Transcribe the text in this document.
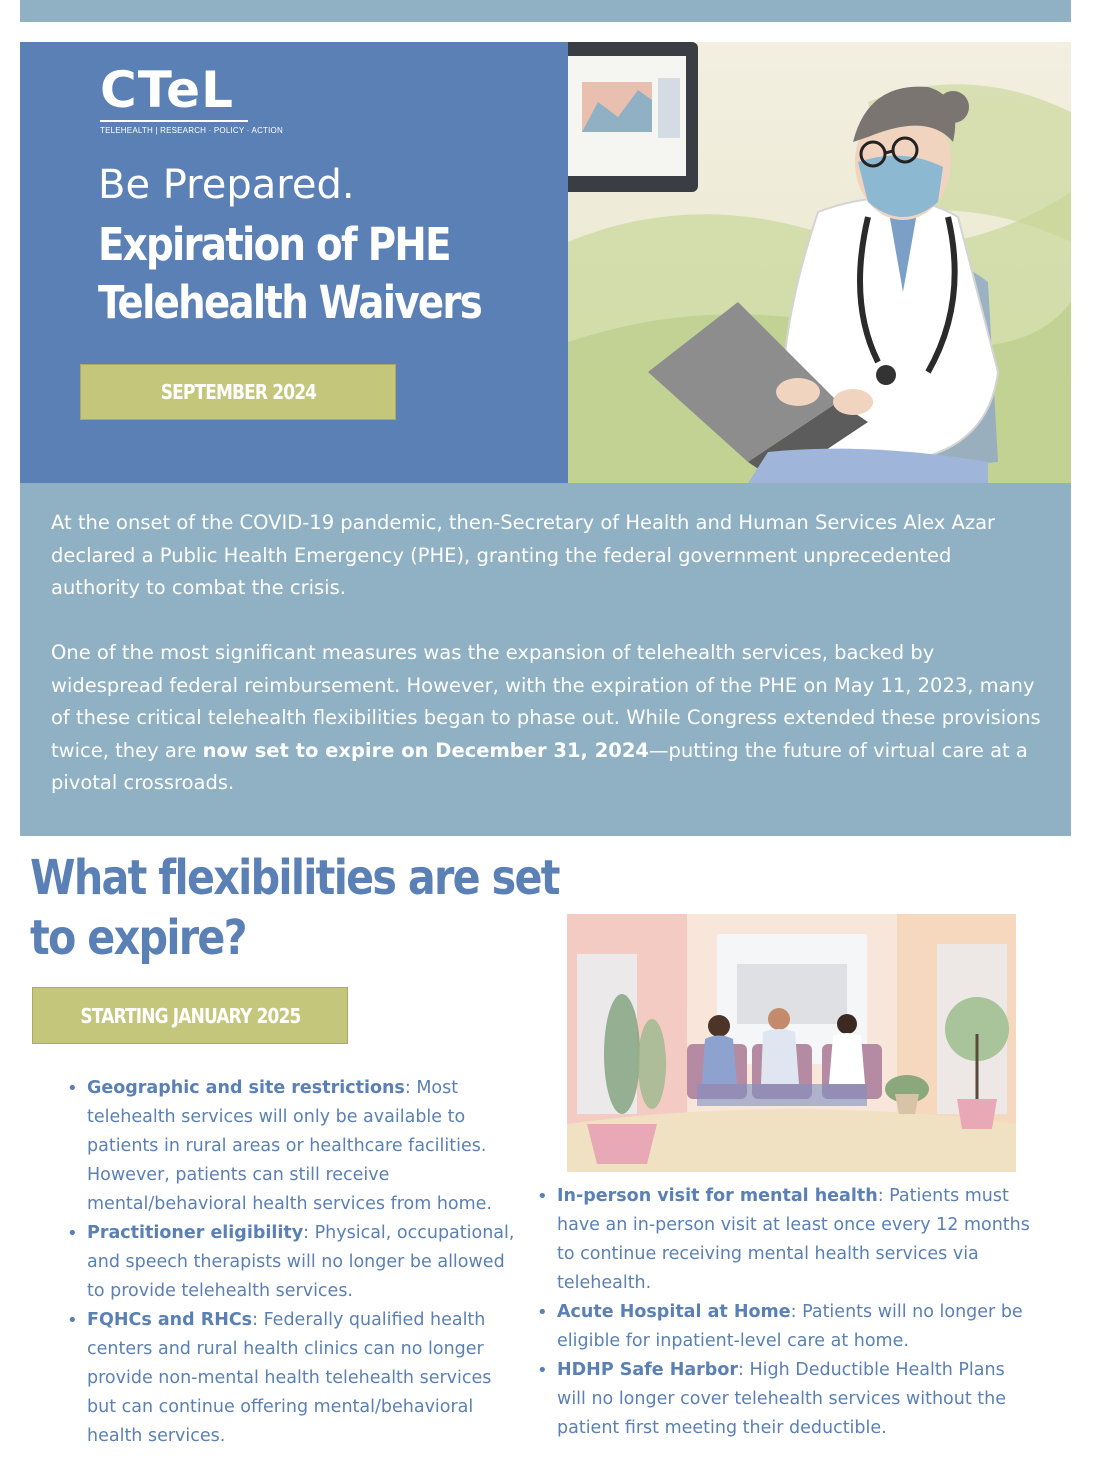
CTeL
TELEHEALTH | RESEARCH · POLICY · ACTION
Be Prepared.
Expiration of PHE Telehealth Waivers
SEPTEMBER 2024

At the onset of the COVID-19 pandemic, then-Secretary of Health and Human Services Alex Azar declared a Public Health Emergency (PHE), granting the federal government unprecedented authority to combat the crisis.

One of the most significant measures was the expansion of telehealth services, backed by widespread federal reimbursement. However, with the expiration of the PHE on May 11, 2023, many of these critical telehealth flexibilities began to phase out. While Congress extended these provisions twice, they are now set to expire on December 31, 2024—putting the future of virtual care at a pivotal crossroads.

What flexibilities are set to expire?
STARTING JANUARY 2025
• Geographic and site restrictions: Most telehealth services will only be available to patients in rural areas or healthcare facilities. However, patients can still receive mental/behavioral health services from home.
• Practitioner eligibility: Physical, occupational, and speech therapists will no longer be allowed to provide telehealth services.
• FQHCs and RHCs: Federally qualified health centers and rural health clinics can no longer provide non-mental health telehealth services but can continue offering mental/behavioral health services.
• In-person visit for mental health: Patients must have an in-person visit at least once every 12 months to continue receiving mental health services via telehealth.
• Acute Hospital at Home: Patients will no longer be eligible for inpatient-level care at home.
• HDHP Safe Harbor: High Deductible Health Plans will no longer cover telehealth services without the patient first meeting their deductible.
